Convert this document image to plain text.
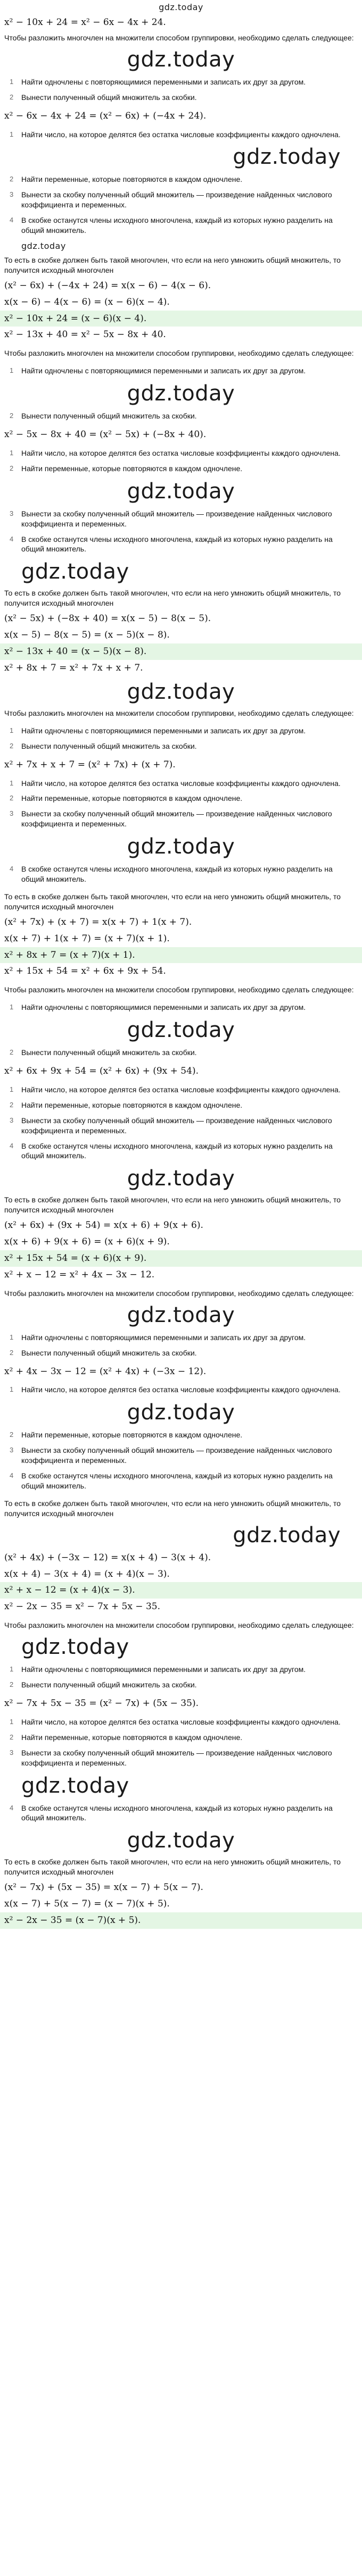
gdz.today
x² − 10x + 24 = x² − 6x − 4x + 24.
Чтобы разложить многочлен на множители способом группировки, необходимо сделать следующее:
gdz.today
1	Найти одночлены с повторяющимися переменными и записать их друг за другом.
2	Вынести полученный общий множитель за скобки.
x² − 6x − 4x + 24 = (x² − 6x) + (−4x + 24).
1	Найти число, на которое делятся без остатка числовые коэффициенты каждого одночлена.
gdz.today
2	Найти переменные, которые повторяются в каждом одночлене.
3	Вынести за скобку полученный общий множитель — произведение найденных числового коэффициента и переменных.
4	В скобке останутся члены исходного многочлена, каждый из которых нужно разделить на общий множитель.
gdz.today
То есть в скобке должен быть такой многочлен, что если на него умножить общий множитель, то получится исходный многочлен
(x² − 6x) + (−4x + 24) = x(x − 6) − 4(x − 6).
x(x − 6) − 4(x − 6) = (x − 6)(x − 4).
x² − 10x + 24 = (x − 6)(x − 4).
x² − 13x + 40 = x² − 5x − 8x + 40.
Чтобы разложить многочлен на множители способом группировки, необходимо сделать следующее:
1	Найти одночлены с повторяющимися переменными и записать их друг за другом.
gdz.today
2	Вынести полученный общий множитель за скобки.
x² − 5x − 8x + 40 = (x² − 5x) + (−8x + 40).
1	Найти число, на которое делятся без остатка числовые коэффициенты каждого одночлена.
2	Найти переменные, которые повторяются в каждом одночлене.
gdz.today
3	Вынести за скобку полученный общий множитель — произведение найденных числового коэффициента и переменных.
4	В скобке останутся члены исходного многочлена, каждый из которых нужно разделить на общий множитель.
gdz.today
То есть в скобке должен быть такой многочлен, что если на него умножить общий множитель, то получится исходный многочлен
(x² − 5x) + (−8x + 40) = x(x − 5) − 8(x − 5).
x(x − 5) − 8(x − 5) = (x − 5)(x − 8).
x² − 13x + 40 = (x − 5)(x − 8).
x² + 8x + 7 = x² + 7x + x + 7.
gdz.today
Чтобы разложить многочлен на множители способом группировки, необходимо сделать следующее:
1	Найти одночлены с повторяющимися переменными и записать их друг за другом.
2	Вынести полученный общий множитель за скобки.
x² + 7x + x + 7 = (x² + 7x) + (x + 7).
1	Найти число, на которое делятся без остатка числовые коэффициенты каждого одночлена.
2	Найти переменные, которые повторяются в каждом одночлене.
3	Вынести за скобку полученный общий множитель — произведение найденных числового коэффициента и переменных.
gdz.today
4	В скобке останутся члены исходного многочлена, каждый из которых нужно разделить на общий множитель.
То есть в скобке должен быть такой многочлен, что если на него умножить общий множитель, то получится исходный многочлен
(x² + 7x) + (x + 7) = x(x + 7) + 1(x + 7).
x(x + 7) + 1(x + 7) = (x + 7)(x + 1).
x² + 8x + 7 = (x + 7)(x + 1).
x² + 15x + 54 = x² + 6x + 9x + 54.
Чтобы разложить многочлен на множители способом группировки, необходимо сделать следующее:
1	Найти одночлены с повторяющимися переменными и записать их друг за другом.
gdz.today
2	Вынести полученный общий множитель за скобки.
x² + 6x + 9x + 54 = (x² + 6x) + (9x + 54).
1	Найти число, на которое делятся без остатка числовые коэффициенты каждого одночлена.
2	Найти переменные, которые повторяются в каждом одночлене.
3	Вынести за скобку полученный общий множитель — произведение найденных числового коэффициента и переменных.
4	В скобке останутся члены исходного многочлена, каждый из которых нужно разделить на общий множитель.
gdz.today
То есть в скобке должен быть такой многочлен, что если на него умножить общий множитель, то получится исходный многочлен
(x² + 6x) + (9x + 54) = x(x + 6) + 9(x + 6).
x(x + 6) + 9(x + 6) = (x + 6)(x + 9).
x² + 15x + 54 = (x + 6)(x + 9).
x² + x − 12 = x² + 4x − 3x − 12.
Чтобы разложить многочлен на множители способом группировки, необходимо сделать следующее:
gdz.today
1	Найти одночлены с повторяющимися переменными и записать их друг за другом.
2	Вынести полученный общий множитель за скобки.
x² + 4x − 3x − 12 = (x² + 4x) + (−3x − 12).
1	Найти число, на которое делятся без остатка числовые коэффициенты каждого одночлена.
gdz.today
2	Найти переменные, которые повторяются в каждом одночлене.
3	Вынести за скобку полученный общий множитель — произведение найденных числового коэффициента и переменных.
4	В скобке останутся члены исходного многочлена, каждый из которых нужно разделить на общий множитель.
То есть в скобке должен быть такой многочлен, что если на него умножить общий множитель, то получится исходный многочлен
gdz.today
(x² + 4x) + (−3x − 12) = x(x + 4) − 3(x + 4).
x(x + 4) − 3(x + 4) = (x + 4)(x − 3).
x² + x − 12 = (x + 4)(x − 3).
x² − 2x − 35 = x² − 7x + 5x − 35.
Чтобы разложить многочлен на множители способом группировки, необходимо сделать следующее:
gdz.today
1	Найти одночлены с повторяющимися переменными и записать их друг за другом.
2	Вынести полученный общий множитель за скобки.
x² − 7x + 5x − 35 = (x² − 7x) + (5x − 35).
1	Найти число, на которое делятся без остатка числовые коэффициенты каждого одночлена.
2	Найти переменные, которые повторяются в каждом одночлене.
3	Вынести за скобку полученный общий множитель — произведение найденных числового коэффициента и переменных.
gdz.today
4	В скобке останутся члены исходного многочлена, каждый из которых нужно разделить на общий множитель.
gdz.today
То есть в скобке должен быть такой многочлен, что если на него умножить общий множитель, то получится исходный многочлен
(x² − 7x) + (5x − 35) = x(x − 7) + 5(x − 7).
x(x − 7) + 5(x − 7) = (x − 7)(x + 5).
x² − 2x − 35 = (x − 7)(x + 5).
